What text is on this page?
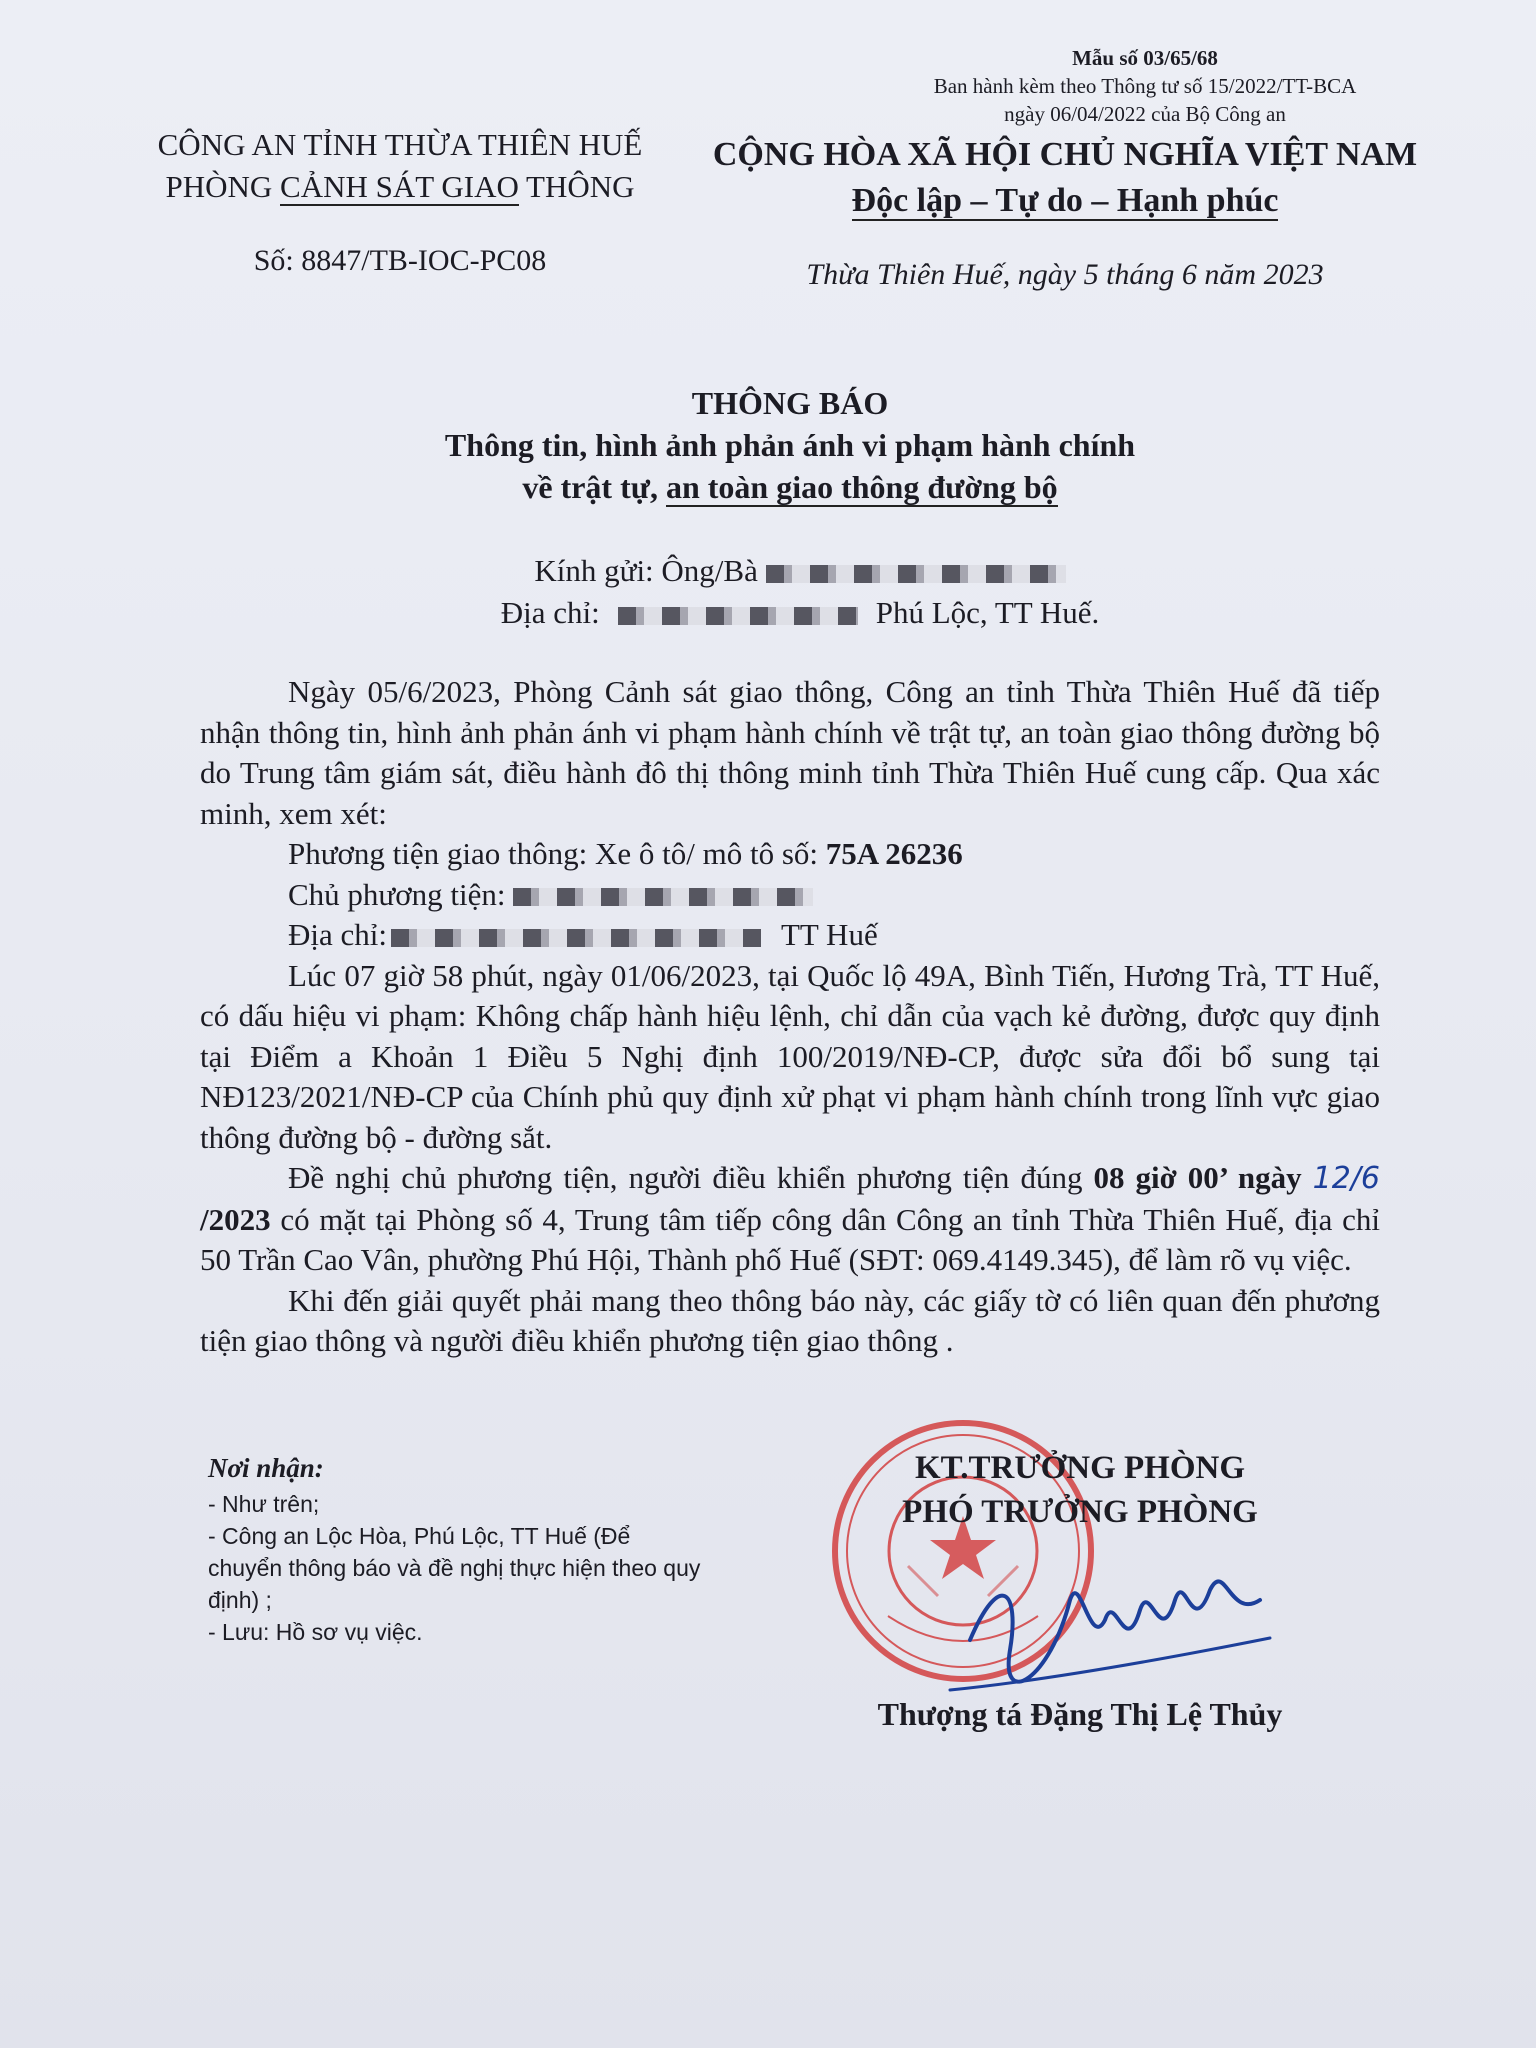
Mẫu số 03/65/68
Ban hành kèm theo Thông tư số 15/2022/TT-BCA
ngày 06/04/2022 của Bộ Công an
CÔNG AN TỈNH THỪA THIÊN HUẾ
PHÒNG CẢNH SÁT GIAO THÔNG
Số: 8847/TB-IOC-PC08
CỘNG HÒA XÃ HỘI CHỦ NGHĨA VIỆT NAM
Độc lập – Tự do – Hạnh phúc
Thừa Thiên Huế, ngày 5 tháng 6 năm 2023
THÔNG BÁO
Thông tin, hình ảnh phản ánh vi phạm hành chính
về trật tự, an toàn giao thông đường bộ
Kính gửi: Ông/Bà
Địa chỉ:	Phú Lộc, TT Huế.

Ngày 05/6/2023, Phòng Cảnh sát giao thông, Công an tỉnh Thừa Thiên Huế đã tiếp nhận thông tin, hình ảnh phản ánh vi phạm hành chính về trật tự, an toàn giao thông đường bộ do Trung tâm giám sát, điều hành đô thị thông minh tỉnh Thừa Thiên Huế cung cấp. Qua xác minh, xem xét:

Phương tiện giao thông: Xe ô tô/ mô tô số: 75A 26236

Chủ phương tiện:

Địa chỉ:	TT Huế

Lúc 07 giờ 58 phút, ngày 01/06/2023, tại Quốc lộ 49A, Bình Tiến, Hương Trà, TT Huế, có dấu hiệu vi phạm: Không chấp hành hiệu lệnh, chỉ dẫn của vạch kẻ đường, được quy định tại Điểm a Khoản 1 Điều 5 Nghị định 100/2019/NĐ-CP, được sửa đổi bổ sung tại NĐ123/2021/NĐ-CP của Chính phủ quy định xử phạt vi phạm hành chính trong lĩnh vực giao thông đường bộ - đường sắt.

Đề nghị chủ phương tiện, người điều khiển phương tiện đúng 08 giờ 00’ ngày 12/6 /2023 có mặt tại Phòng số 4, Trung tâm tiếp công dân Công an tỉnh Thừa Thiên Huế, địa chỉ 50 Trần Cao Vân, phường Phú Hội, Thành phố Huế (SĐT: 069.4149.345), để làm rõ vụ việc.

Khi đến giải quyết phải mang theo thông báo này, các giấy tờ có liên quan đến phương tiện giao thông và người điều khiển phương tiện giao thông .

Nơi nhận:
- Như trên;
- Công an Lộc Hòa, Phú Lộc, TT Huế (Để
chuyển thông báo và đề nghị thực hiện theo quy
định) ;
- Lưu: Hồ sơ vụ việc.
KT.TRƯỞNG PHÒNG
PHÓ TRƯỞNG PHÒNG
Thượng tá Đặng Thị Lệ Thủy
